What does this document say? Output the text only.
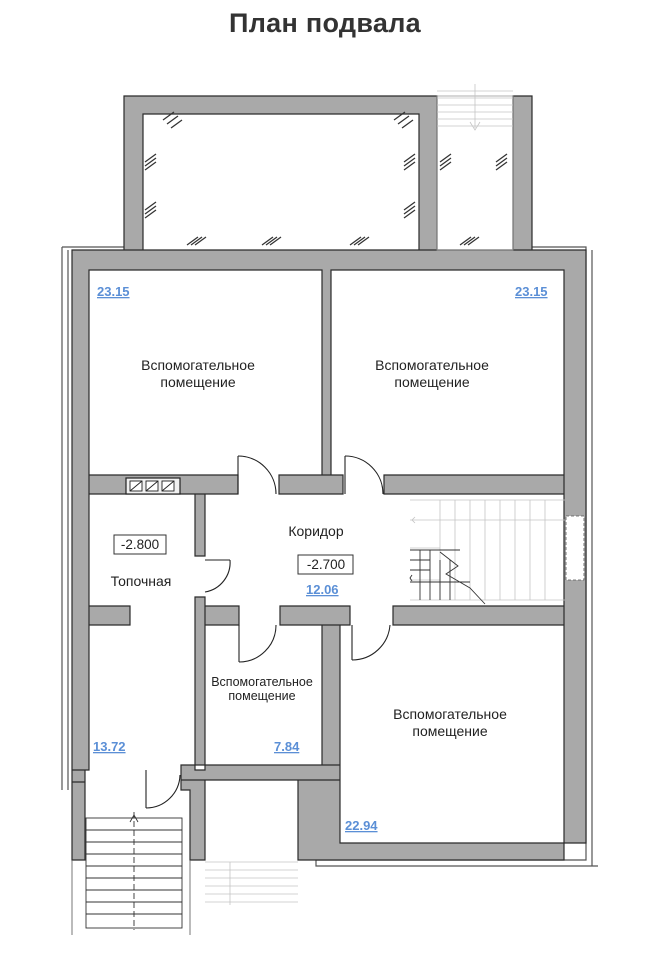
План подвала
Вспомогательное
помещение
Вспомогательное
помещение
Коридор
-2.700
-2.800
Топочная
Вспомогательное
помещение
Вспомогательное
помещение
23.15	23.15
12.06
13.72	7.84
22.94
